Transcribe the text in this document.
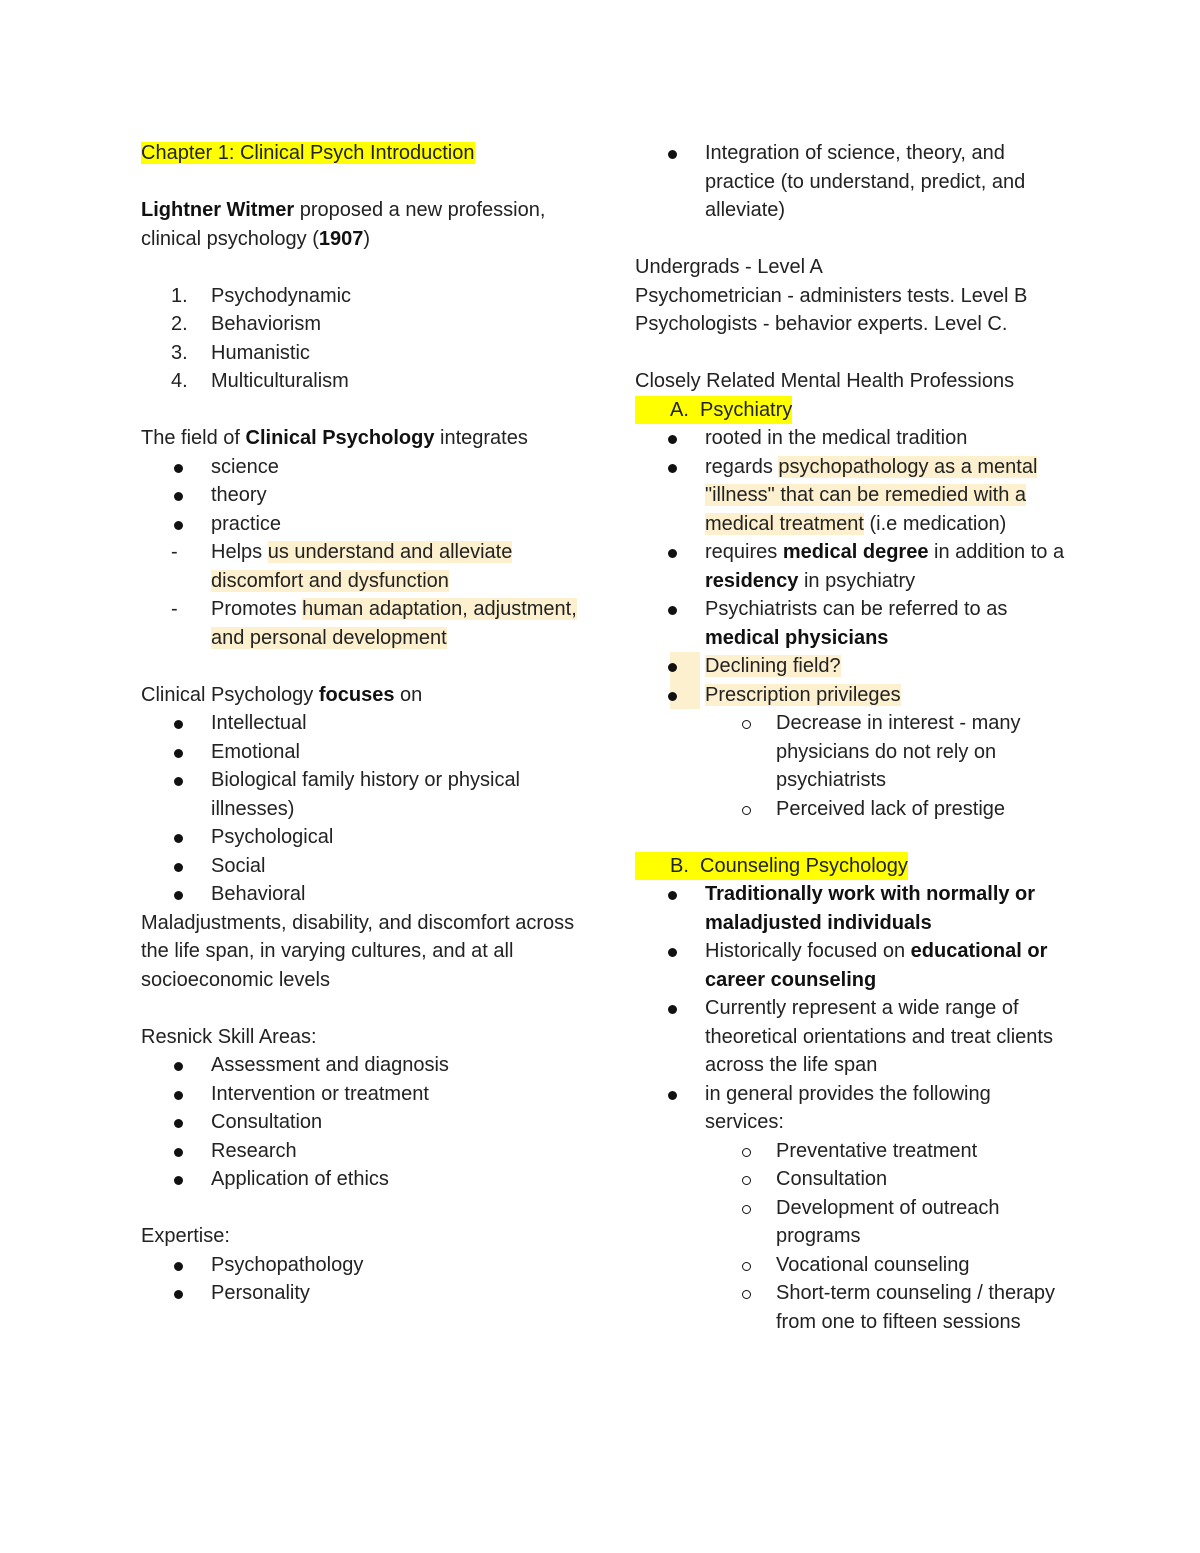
Chapter 1: Clinical Psych Introduction

Lightner Witmer proposed a new profession, clinical psychology (1907)

1.	Psychodynamic
2.	Behaviorism
3.	Humanistic
4.	Multiculturalism

The field of Clinical Psychology integrates

science
theory
practice
-	Helps us understand and alleviate discomfort and dysfunction
-	Promotes human adaptation, adjustment, and personal development

Clinical Psychology focuses on

Intellectual
Emotional
Biological family history or physical illnesses)
Psychological
Social
Behavioral

Maladjustments, disability, and discomfort across the life span, in varying cultures, and at all socioeconomic levels

Resnick Skill Areas:

Assessment and diagnosis
Intervention or treatment
Consultation
Research
Application of ethics

Expertise:

Psychopathology
Personality
Integration of science, theory, and practice (to understand, predict, and alleviate)

Undergrads - Level A

Psychometrician - administers tests. Level B

Psychologists - behavior experts. Level C.

Closely Related Mental Health Professions

A. Psychiatry
rooted in the medical tradition
regards psychopathology as a mental "illness" that can be remedied with a medical treatment (i.e medication)
requires medical degree in addition to a residency in psychiatry
Psychiatrists can be referred to as medical physicians
Declining field?
Prescription privileges
Decrease in interest - many physicians do not rely on psychiatrists
Perceived lack of prestige
B. Counseling Psychology
Traditionally work with normally or maladjusted individuals
Historically focused on educational or career counseling
Currently represent a wide range of theoretical orientations and treat clients across the life span
in general provides the following services:
Preventative treatment
Consultation
Development of outreach programs
Vocational counseling
Short-term counseling / therapy from one to fifteen sessions
